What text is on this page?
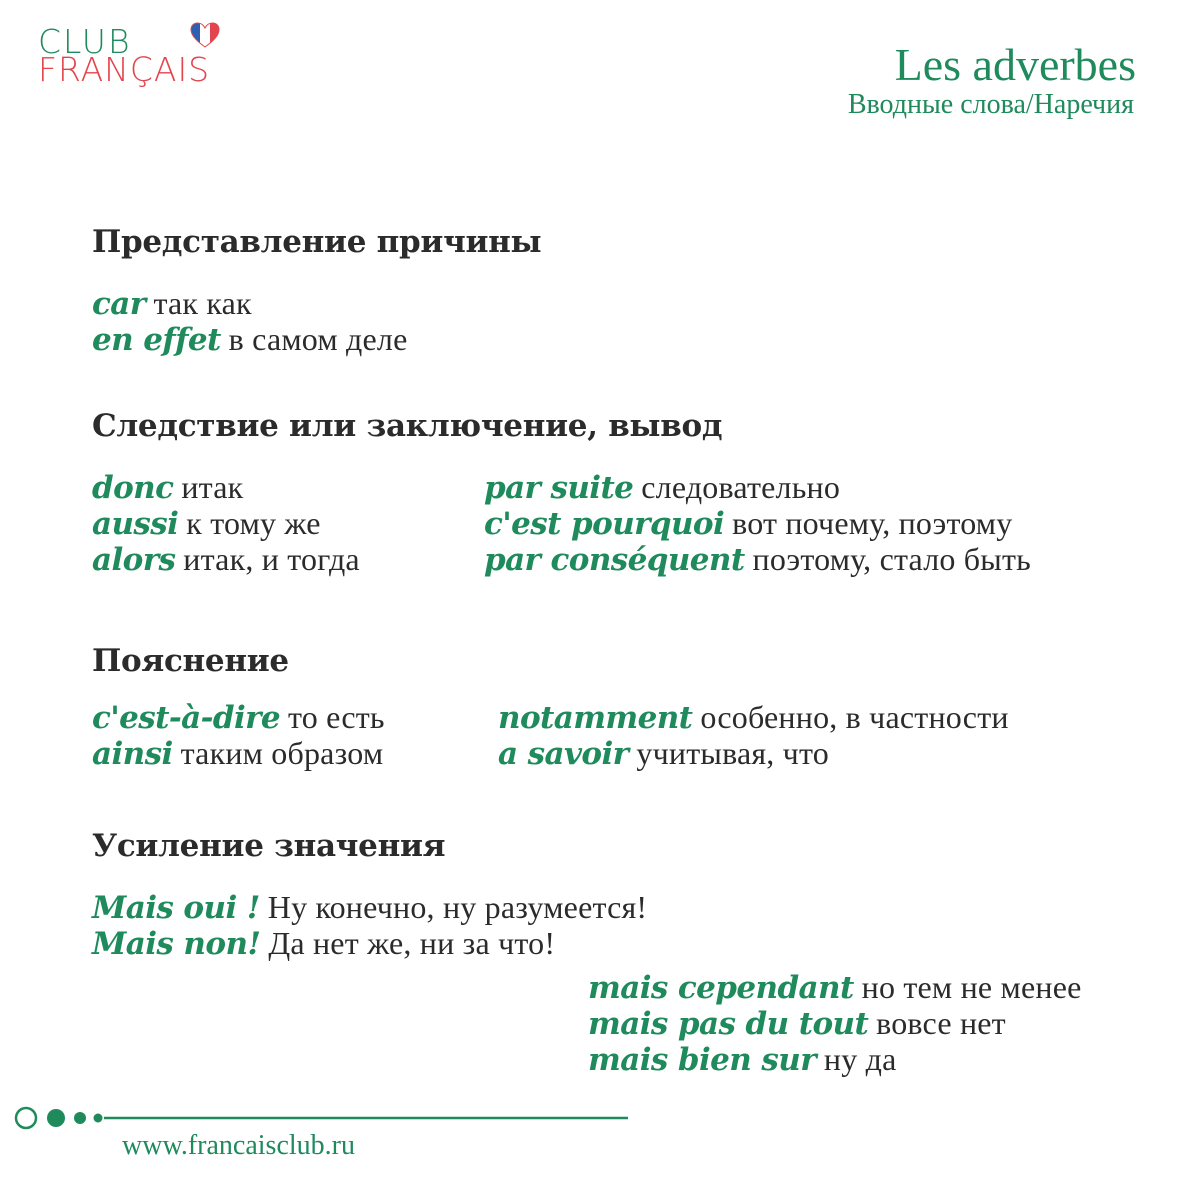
CLUB
FRANÇAIS	Les adverbes
Вводные слова/Наречия
Представление причины
car так как
en effet в самом деле
Следствие или заключение, вывод
donc итак
aussi к тому же
alors итак, и тогда
par suite следовательно
c'est pourquoi вот почему, поэтому
par conséquent поэтому, стало быть
Пояснение
c'est-à-dire то есть
ainsi таким образом
notamment особенно, в частности
a savoir учитывая, что
Усиление значения
Mais oui ! Ну конечно, ну разумеется!
Mais non! Да нет же, ни за что!
mais cependant но тем не менее
mais pas du tout вовсе нет
mais bien sur ну да
www.francaisclub.ru
